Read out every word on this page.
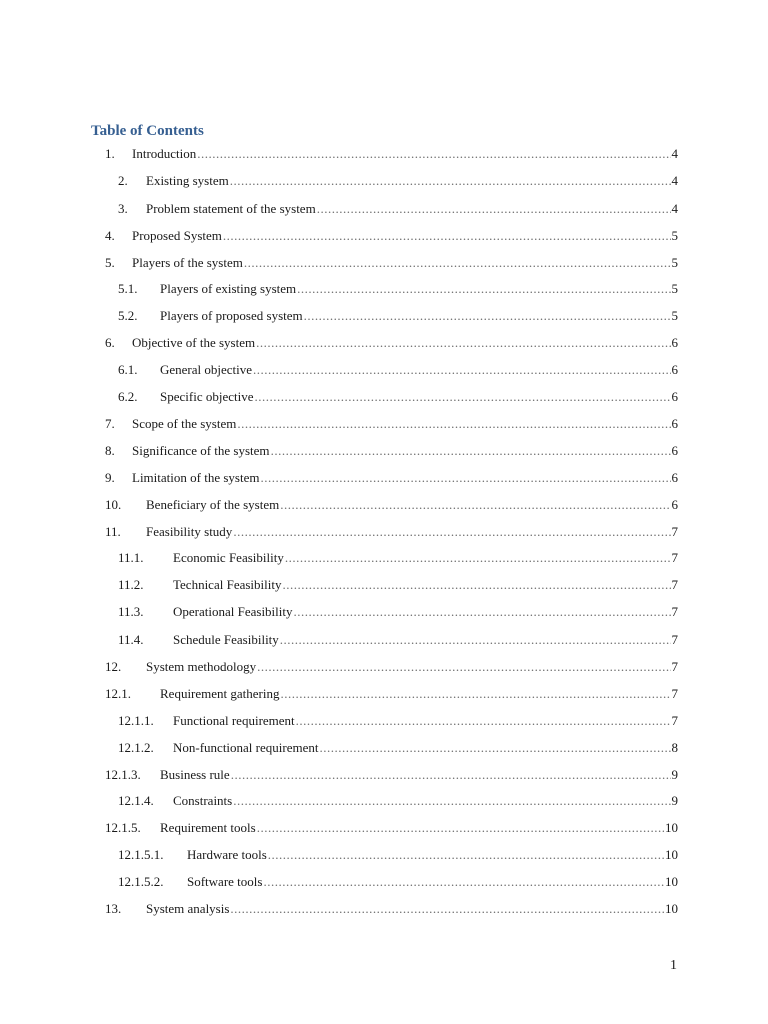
Table of Contents
1. Introduction .....	4
2. Existing system .....	4
3. Problem statement of the system .....	4
4. Proposed System .....	5
5. Players of the system .....	5
5.1. Players of existing system .....	5
5.2. Players of proposed system .....	5
6. Objective of the system .....	6
6.1. General objective .....	6
6.2. Specific objective .....	6
7. Scope of the system .....	6
8. Significance of the system .....	6
9. Limitation of the system .....	6
10. Beneficiary of the system .....	6
11. Feasibility study .....	7
11.1. Economic Feasibility .....	7
11.2. Technical Feasibility .....	7
11.3. Operational Feasibility .....	7
11.4. Schedule Feasibility .....	7
12. System methodology .....	7
12.1. Requirement gathering .....	7
12.1.1. Functional requirement .....	7
12.1.2. Non-functional requirement .....	8
12.1.3. Business rule .....	9
12.1.4. Constraints .....	9
12.1.5. Requirement tools .....	10
12.1.5.1. Hardware tools .....	10
12.1.5.2. Software tools .....	10
13. System analysis .....	10
1
